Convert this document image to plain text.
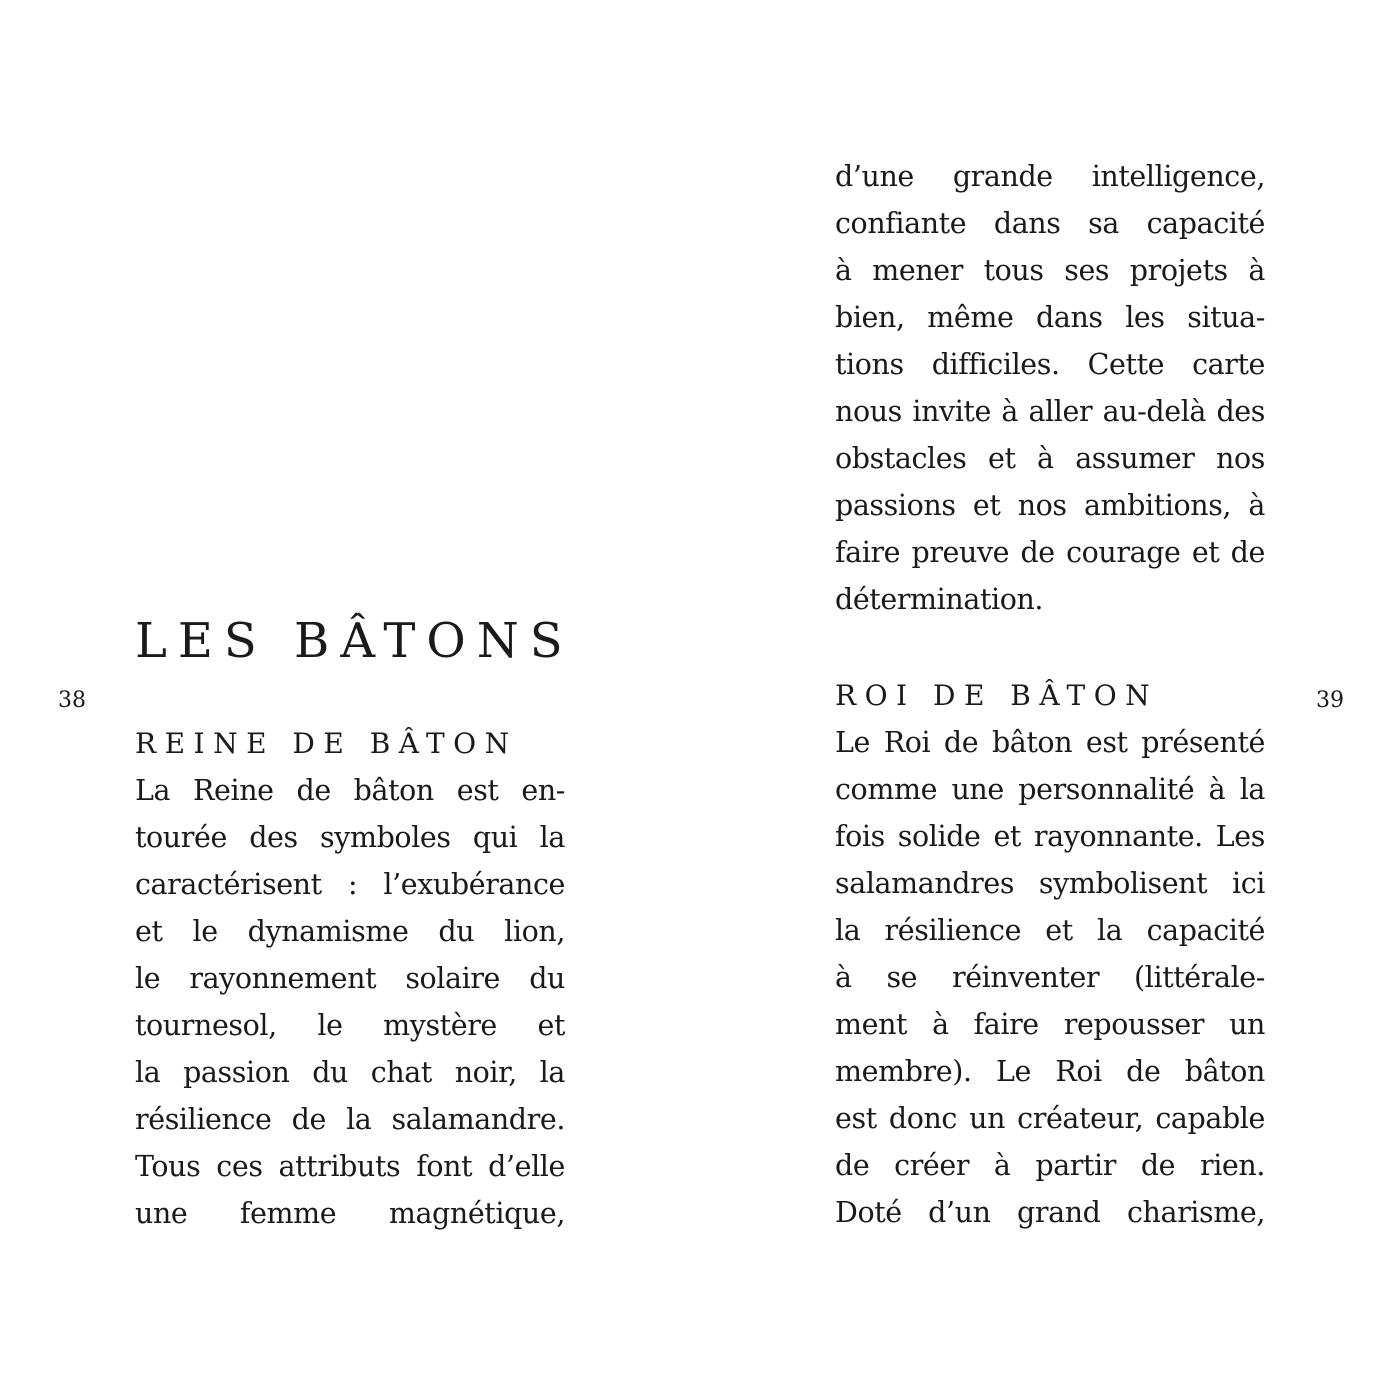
38
LES BÂTONS
REINE DE BÂTON

La Reine de bâton est en-
tourée des symboles qui la
caractérisent : l’exubérance
et le dynamisme du lion,
le rayonnement solaire du
tournesol, le mystère et
la passion du chat noir, la
résilience de la salamandre.
Tous ces attributs font d’elle
une femme magnétique,

39

d’une grande intelligence,
confiante dans sa capacité
à mener tous ses projets à
bien, même dans les situa-
tions difficiles. Cette carte
nous invite à aller au-delà des
obstacles et à assumer nos
passions et nos ambitions, à
faire preuve de courage et de
détermination.

ROI DE BÂTON

Le Roi de bâton est présenté
comme une personnalité à la
fois solide et rayonnante. Les
salamandres symbolisent ici
la résilience et la capacité
à se réinventer (littérale-
ment à faire repousser un
membre). Le Roi de bâton
est donc un créateur, capable
de créer à partir de rien.
Doté d’un grand charisme,
